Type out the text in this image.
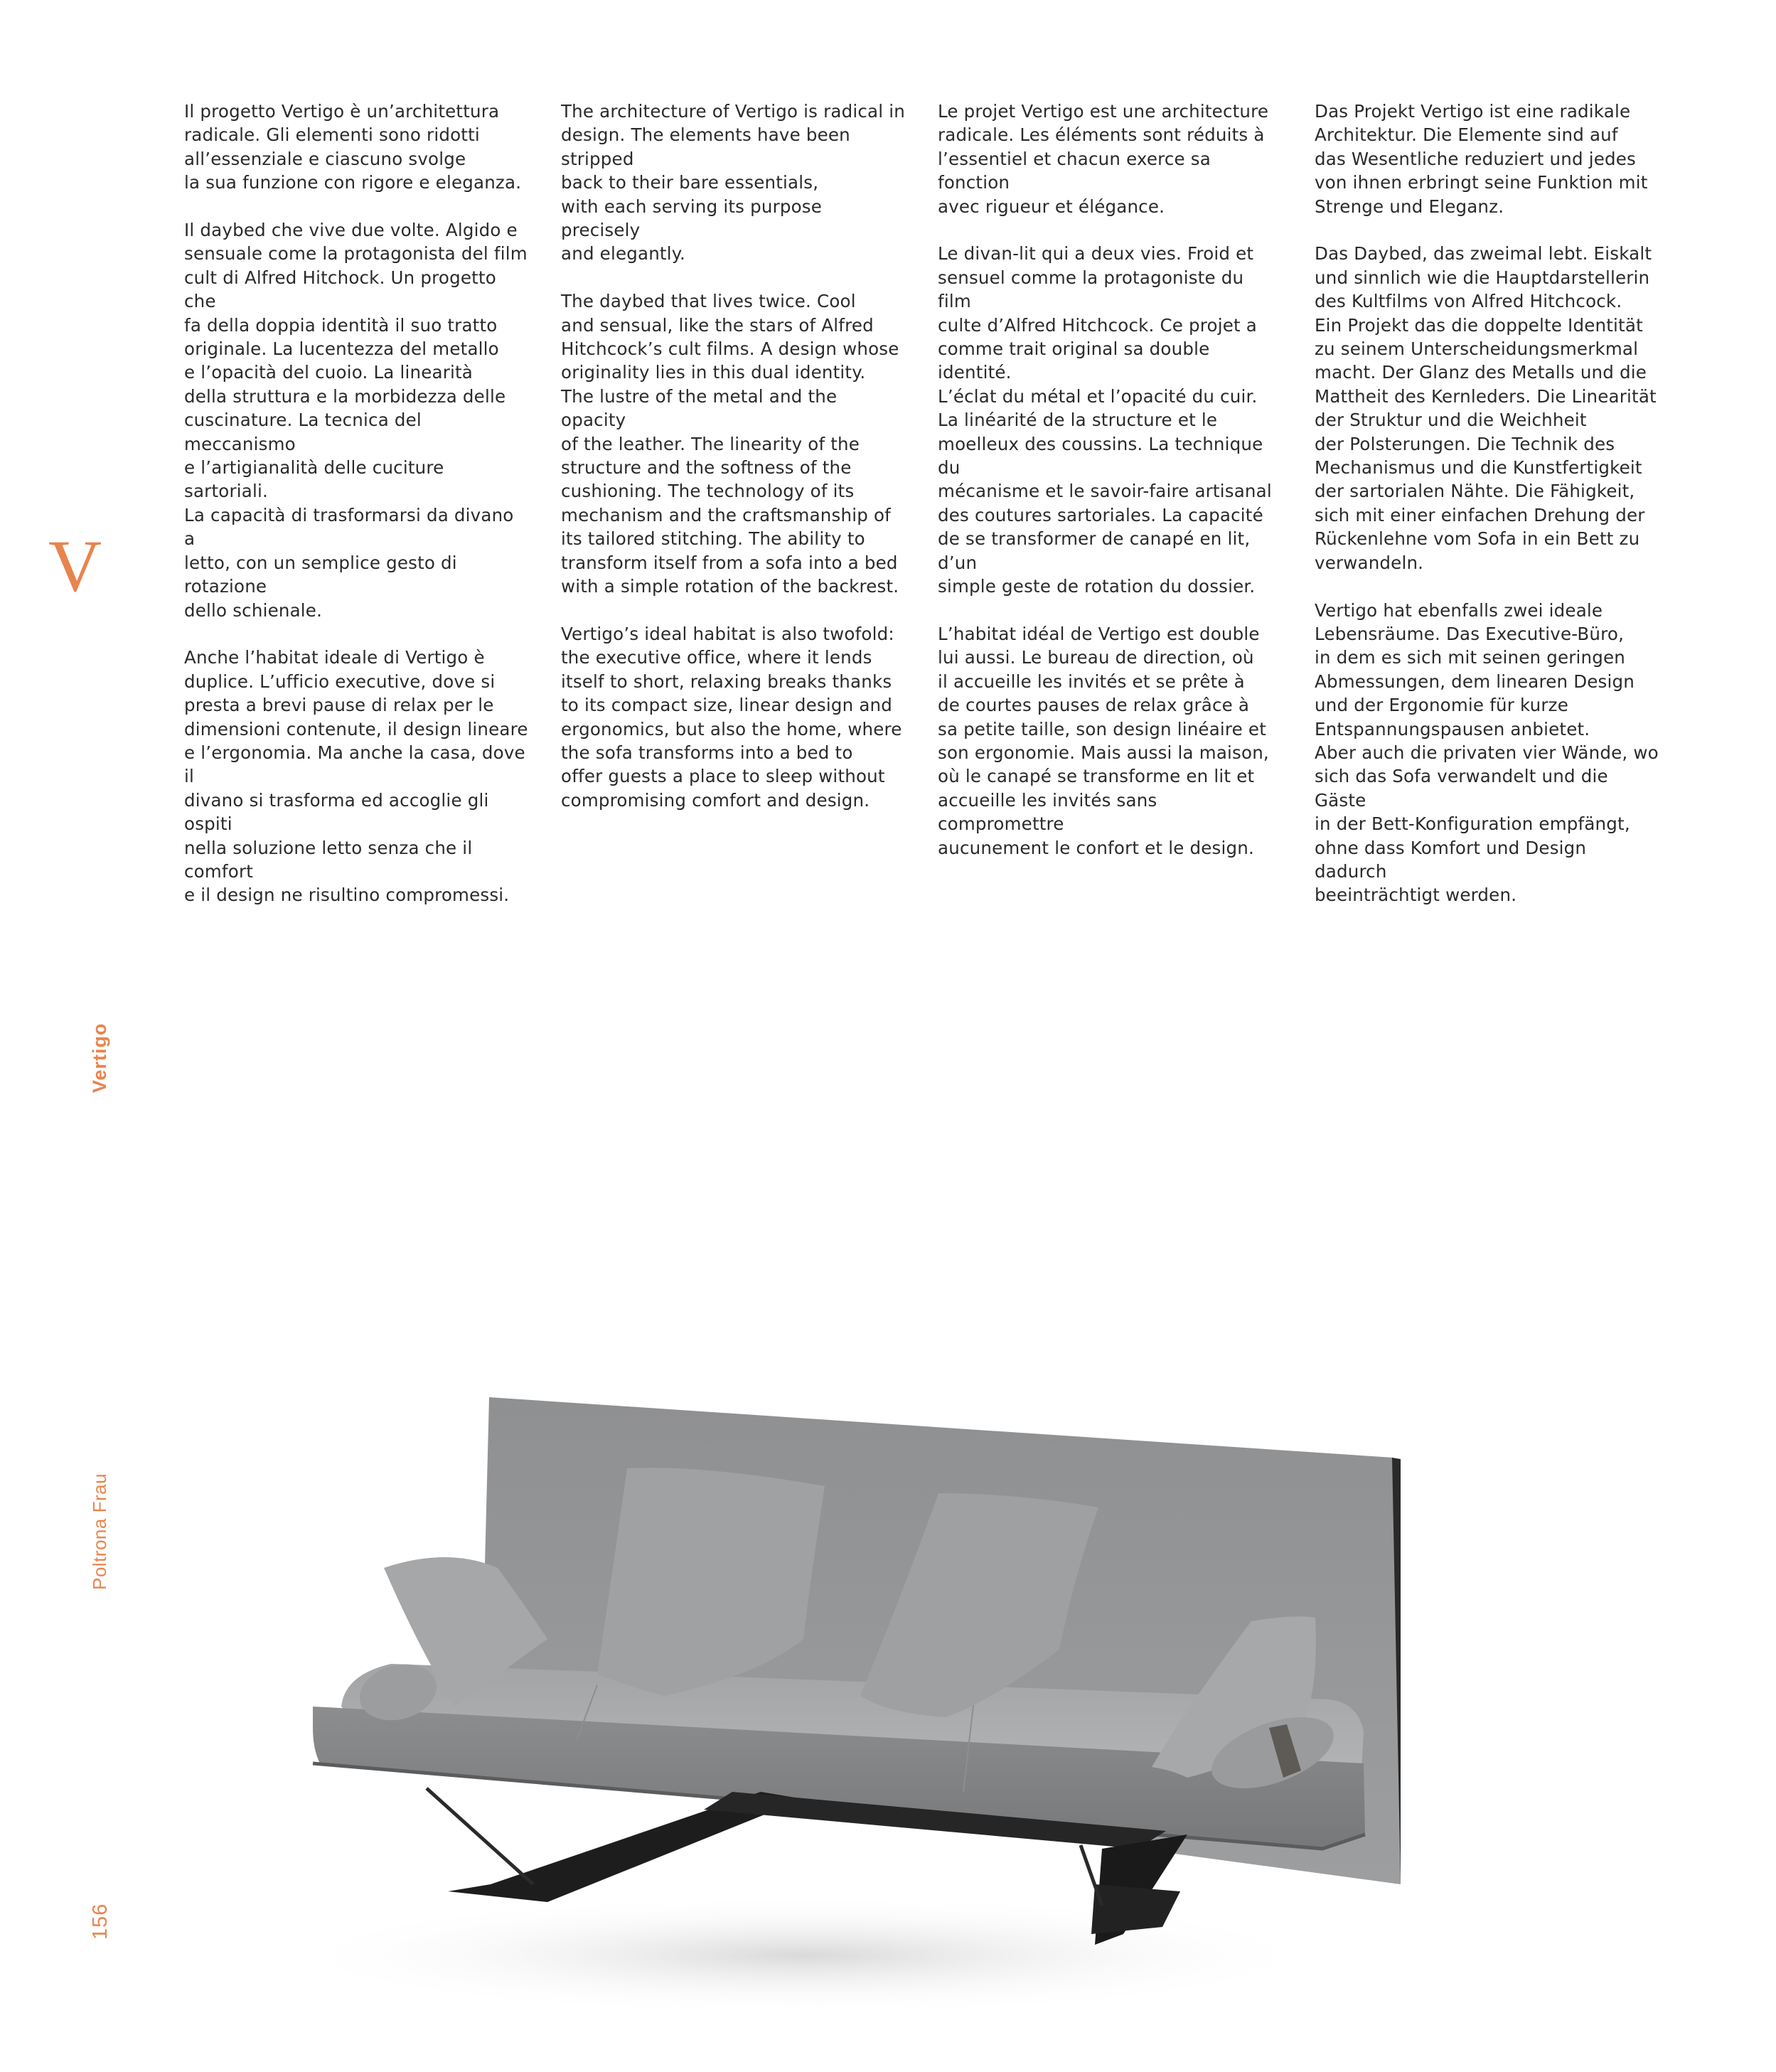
V
Vertigo
Poltrona Frau
156

Il progetto Vertigo è un’architettura
radicale. Gli elementi sono ridotti
all’essenziale e ciascuno svolge
la sua funzione con rigore e eleganza.

Il daybed che vive due volte. Algido e
sensuale come la protagonista del film
cult di Alfred Hitchock. Un progetto che
fa della doppia identità il suo tratto
originale. La lucentezza del metallo
e l’opacità del cuoio. La linearità
della struttura e la morbidezza delle
cuscinature. La tecnica del meccanismo
e l’artigianalità delle cuciture sartoriali.
La capacità di trasformarsi da divano a
letto, con un semplice gesto di rotazione
dello schienale.

Anche l’habitat ideale di Vertigo è
duplice. L’ufficio executive, dove si
presta a brevi pause di relax per le
dimensioni contenute, il design lineare
e l’ergonomia. Ma anche la casa, dove il
divano si trasforma ed accoglie gli ospiti
nella soluzione letto senza che il comfort
e il design ne risultino compromessi.

The architecture of Vertigo is radical in
design. The elements have been stripped
back to their bare essentials,
with each serving its purpose precisely
and elegantly.

The daybed that lives twice. Cool
and sensual, like the stars of Alfred
Hitchcock’s cult films. A design whose
originality lies in this dual identity.
The lustre of the metal and the opacity
of the leather. The linearity of the
structure and the softness of the
cushioning. The technology of its
mechanism and the craftsmanship of
its tailored stitching. The ability to
transform itself from a sofa into a bed
with a simple rotation of the backrest.

Vertigo’s ideal habitat is also twofold:
the executive office, where it lends
itself to short, relaxing breaks thanks
to its compact size, linear design and
ergonomics, but also the home, where
the sofa transforms into a bed to
offer guests a place to sleep without
compromising comfort and design.

Le projet Vertigo est une architecture
radicale. Les éléments sont réduits à
l’essentiel et chacun exerce sa fonction
avec rigueur et élégance.

Le divan-lit qui a deux vies. Froid et
sensuel comme la protagoniste du film
culte d’Alfred Hitchcock. Ce projet a
comme trait original sa double identité.
L’éclat du métal et l’opacité du cuir.
La linéarité de la structure et le
moelleux des coussins. La technique du
mécanisme et le savoir-faire artisanal
des coutures sartoriales. La capacité
de se transformer de canapé en lit, d’un
simple geste de rotation du dossier.

L’habitat idéal de Vertigo est double
lui aussi. Le bureau de direction, où
il accueille les invités et se prête à
de courtes pauses de relax grâce à
sa petite taille, son design linéaire et
son ergonomie. Mais aussi la maison,
où le canapé se transforme en lit et
accueille les invités sans compromettre
aucunement le confort et le design.

Das Projekt Vertigo ist eine radikale
Architektur. Die Elemente sind auf
das Wesentliche reduziert und jedes
von ihnen erbringt seine Funktion mit
Strenge und Eleganz.

Das Daybed, das zweimal lebt. Eiskalt
und sinnlich wie die Hauptdarstellerin
des Kultfilms von Alfred Hitchcock.
Ein Projekt das die doppelte Identität
zu seinem Unterscheidungsmerkmal
macht. Der Glanz des Metalls und die
Mattheit des Kernleders. Die Linearität
der Struktur und die Weichheit
der Polsterungen. Die Technik des
Mechanismus und die Kunstfertigkeit
der sartorialen Nähte. Die Fähigkeit,
sich mit einer einfachen Drehung der
Rückenlehne vom Sofa in ein Bett zu
verwandeln.

Vertigo hat ebenfalls zwei ideale
Lebensräume. Das Executive-Büro,
in dem es sich mit seinen geringen
Abmessungen, dem linearen Design
und der Ergonomie für kurze
Entspannungspausen anbietet.
Aber auch die privaten vier Wände, wo
sich das Sofa verwandelt und die Gäste
in der Bett-Konfiguration empfängt,
ohne dass Komfort und Design dadurch
beeinträchtigt werden.
